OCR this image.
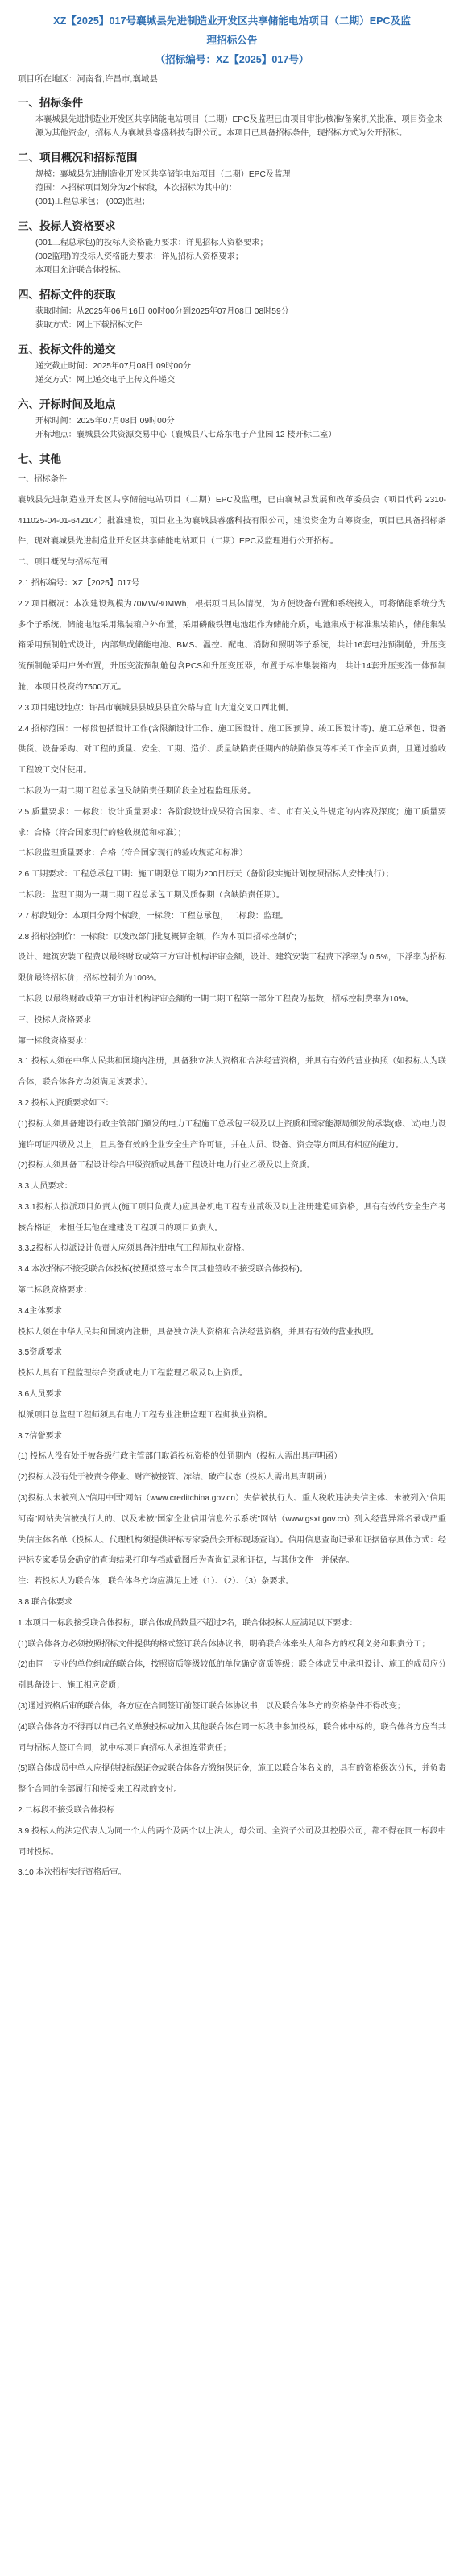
XZ【2025】017号襄城县先进制造业开发区共享储能电站项目（二期）EPC及监
理招标公告
（招标编号：XZ【2025】017号）

项目所在地区：河南省,许昌市,襄城县

一、招标条件

本襄城县先进制造业开发区共享储能电站项目（二期）EPC及监理已由项目审批/核准/备案机关批准，项目资金来源为其他资金/，招标人为襄城县睿盛科技有限公司。本项目已具备招标条件，现招标方式为公开招标。

二、项目概况和招标范围

规模：襄城县先进制造业开发区共享储能电站项目（二期）EPC及监理

范围：本招标项目划分为2个标段，本次招标为其中的：

(001)工程总承包； (002)监理；

三、投标人资格要求

(001工程总承包)的投标人资格能力要求：详见招标人资格要求；

(002监理)的投标人资格能力要求：详见招标人资格要求；

本项目允许联合体投标。

四、招标文件的获取

获取时间：从2025年06月16日 00时00分到2025年07月08日 08时59分

获取方式：网上下载招标文件

五、投标文件的递交

递交截止时间：2025年07月08日 09时00分

递交方式：网上递交电子上传文件递交

六、开标时间及地点

开标时间：2025年07月08日 09时00分

开标地点：襄城县公共资源交易中心（襄城县八七路东电子产业园 12 楼开标二室）

七、其他

一、招标条件

襄城县先进制造业开发区共享储能电站项目（二期）EPC及监理，已由襄城县发展和改革委员会（项目代码 2310-411025-04-01-642104）批准建设，项目业主为襄城县睿盛科技有限公司，建设资金为自筹资金，项目已具备招标条件，现对襄城县先进制造业开发区共享储能电站项目（二期）EPC及监理进行公开招标。

二、项目概况与招标范围

2.1 招标编号：XZ【2025】017号

2.2 项目概况：本次建设规模为70MW/80MWh，根据项目具体情况，为方便设备布置和系统接入，可将储能系统分为多个子系统，储能电池采用集装箱户外布置，采用磷酸铁锂电池组作为储能介质，电池集成于标准集装箱内，储能集装箱采用预制舱式设计，内部集成储能电池、BMS、温控、配电、消防和照明等子系统，共计16套电池预制舱，升压变流预制舱采用户外布置，升压变流预制舱包含PCS和升压变压器，布置于标准集装箱内，共计14套升压变流一体预制舱，本项目投资约7500万元。

2.3 项目建设地点：许昌市襄城县县城县县宜公路与宜山大道交叉口西北侧。

2.4 招标范围：一标段包括设计工作(含限额设计工作、施工图设计、施工图预算、竣工图设计等)、施工总承包、设备供货、设备采购、对工程的质量、安全、工期、造价、质量缺陷责任期内的缺陷修复等相关工作全面负责，且通过验收工程竣工交付使用。

二标段为一期二期工程总承包及缺陷责任期阶段全过程监理服务。

2.5 质量要求：一标段：设计质量要求：各阶段设计成果符合国家、省、市有关文件规定的内容及深度；施工质量要求：合格（符合国家现行的验收规范和标准）；

二标段监理质量要求：合格（符合国家现行的验收规范和标准）

2.6 工期要求：工程总承包工期：施工期限总工期为200日历天（备阶段实施计划按照招标人安排执行）；

二标段：监理工期为一期二期工程总承包工期及质保期（含缺陷责任期）。

2.7 标段划分：本项目分两个标段，一标段：工程总承包， 二标段：监理。

2.8 招标控制价：一标段：以发改部门批复概算金额，作为本项目招标控制价;

设计、建筑安装工程费以最终财政或第三方审计机构评审金额，设计、建筑安装工程费下浮率为 0.5%，下浮率为招标限价最终招标价；招标控制价为100%。

二标段 以最终财政或第三方审计机构评审金额的一期二期工程第一部分工程费为基数，招标控制费率为10%。

三、投标人资格要求

第一标段资格要求：

3.1 投标人须在中华人民共和国境内注册，具备独立法人资格和合法经营资格，并具有有效的营业执照（如投标人为联合体，联合体各方均须满足该要求）。

3.2 投标人资质要求如下：

(1)投标人须具备建设行政主管部门颁发的电力工程施工总承包三级及以上资质和国家能源局颁发的承装(修、试)电力设施许可证四级及以上，且具备有效的企业安全生产许可证，并在人员、设备、资金等方面具有相应的能力。

(2)投标人须具备工程设计综合甲级资质或具备工程设计电力行业乙级及以上资质。

3.3 人员要求：

3.3.1投标人拟派项目负责人(施工项目负责人)应具备机电工程专业贰级及以上注册建造师资格，具有有效的安全生产考核合格证，未担任其他在建建设工程项目的项目负责人。

3.3.2投标人拟派设计负责人应须具备注册电气工程师执业资格。

3.4 本次招标不接受联合体投标(按照拟签与本合同其他签收不接受联合体投标)。

第二标段资格要求：

3.4主体要求

投标人须在中华人民共和国境内注册，具备独立法人资格和合法经营资格，并具有有效的营业执照。

3.5资质要求

投标人具有工程监理综合资质或电力工程监理乙级及以上资质。

3.6人员要求

拟派项目总监理工程师须具有电力工程专业注册监理工程师执业资格。

3.7信誉要求

(1) 投标人没有处于被各级行政主管部门取消投标资格的处罚期内（投标人需出具声明函）

(2)投标人没有处于被责令停业、财产被接管、冻结、破产状态（投标人需出具声明函）

(3)投标人未被列入“信用中国”网站（www.creditchina.gov.cn）失信被执行人、重大税收违法失信主体、未被列入“信用河南”网站失信被执行人的、以及未被“国家企业信用信息公示系统”网站（www.gsxt.gov.cn）列入经营异常名录或严重失信主体名单（投标人、代理机构须提供评标专家委员会开标现场查询）。信用信息查询记录和证据留存具体方式：经评标专家委员会确定的查询结果打印存档或截图后为查询记录和证据，与其他文件一并保存。

注：若投标人为联合体，联合体各方均应满足上述（1）、（2）、（3）条要求。

3.8 联合体要求

1.本项目一标段接受联合体投标，联合体成员数量不超过2名，联合体投标人应满足以下要求：

(1)联合体各方必须按照招标文件提供的格式签订联合体协议书，明确联合体牵头人和各方的权利义务和职责分工；

(2)由同一专业的单位组成的联合体，按照资质等级较低的单位确定资质等级；联合体成员中承担设计、施工的成员应分别具备设计、施工相应资质；

(3)通过资格后审的联合体，各方应在合同签订前签订联合体协议书，以及联合体各方的资格条件不得改变；

(4)联合体各方不得再以自己名义单独投标或加入其他联合体在同一标段中参加投标，联合体中标的，联合体各方应当共同与招标人签订合同，就中标项目向招标人承担连带责任；

(5)联合体成员中单人应提供投标保证金或联合体各方缴纳保证金，施工以联合体名义的，具有的资格级次分包，并负责整个合同的全部履行和接受来工程款的支付。

2.二标段不接受联合体投标

3.9 投标人的法定代表人为同一个人的两个及两个以上法人，母公司、全资子公司及其控股公司，都不得在同一标段中同时投标。

3.10 本次招标实行资格后审。
